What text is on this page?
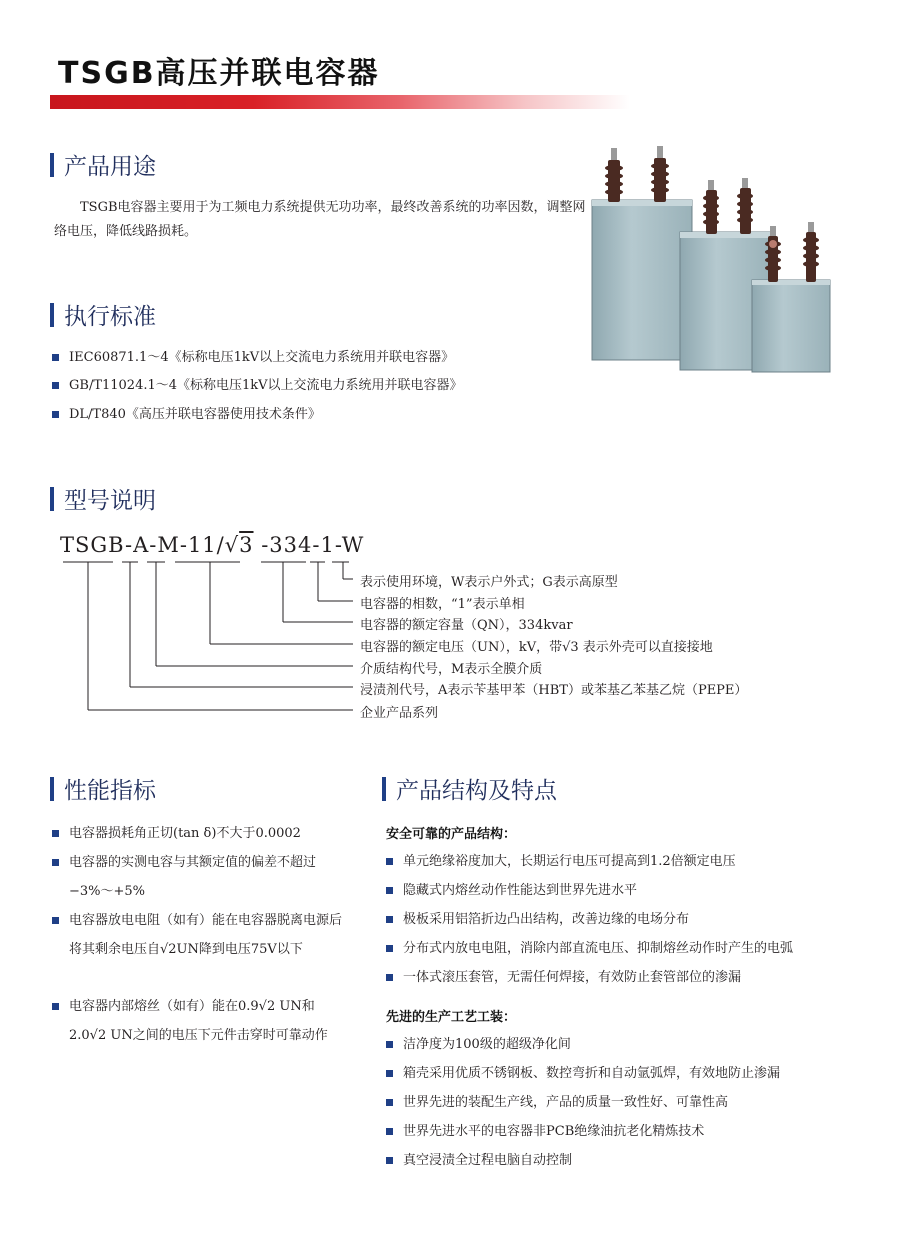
TSGB高压并联电容器
产品用途
TSGB电容器主要用于为工频电力系统提供无功功率，最终改善系统的功率因数，调整网络电压，降低线路损耗。
执行标准
IEC60871.1～4《标称电压1kV以上交流电力系统用并联电容器》
GB/T11024.1～4《标称电压1kV以上交流电力系统用并联电容器》
DL/T840《高压并联电容器使用技术条件》
型号说明
TSGB-A-M-11/√3 -334-1-W
表示使用环境，W表示户外式；G表示高原型
电容器的相数，“1”表示单相
电容器的额定容量（QN），334kvar
电容器的额定电压（UN），kV，带√3 表示外壳可以直接接地
介质结构代号，M表示全膜介质
浸渍剂代号，A表示苄基甲苯（HBT）或苯基乙苯基乙烷（PEPE）
企业产品系列
性能指标
电容器损耗角正切(tan δ)不大于0.0002
电容器的实测电容与其额定值的偏差不超过−3%～+5%
电容器放电电阻（如有）能在电容器脱离电源后将其剩余电压自√2UN降到电压75V以下
电容器内部熔丝（如有）能在0.9√2 UN和2.0√2 UN之间的电压下元件击穿时可靠动作
产品结构及特点
安全可靠的产品结构：
单元绝缘裕度加大，长期运行电压可提高到1.2倍额定电压
隐藏式内熔丝动作性能达到世界先进水平
极板采用铝箔折边凸出结构，改善边缘的电场分布
分布式内放电电阻，消除内部直流电压、抑制熔丝动作时产生的电弧
一体式滚压套管，无需任何焊接，有效防止套管部位的渗漏
先进的生产工艺工装：
洁净度为100级的超级净化间
箱壳采用优质不锈钢板、数控弯折和自动氩弧焊，有效地防止渗漏
世界先进的装配生产线，产品的质量一致性好、可靠性高
世界先进水平的电容器非PCB绝缘油抗老化精炼技术
真空浸渍全过程电脑自动控制
